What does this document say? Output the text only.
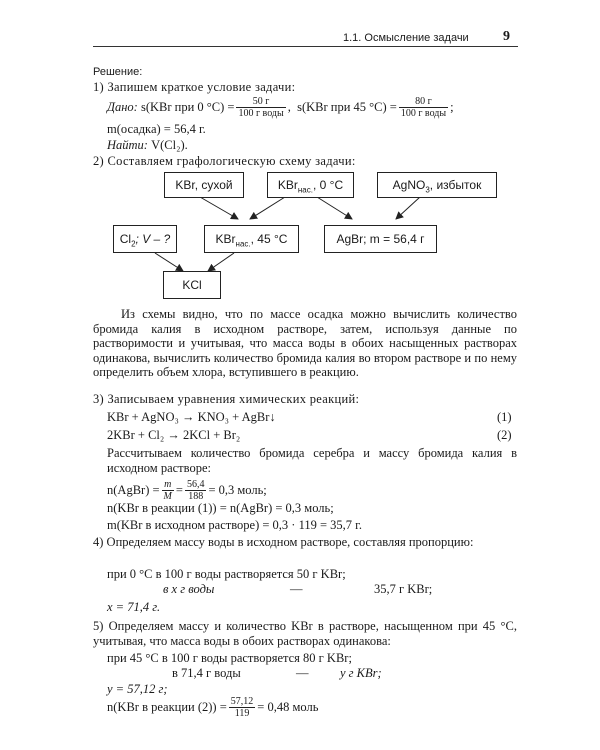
1.1. Осмысление задачи 9
Решение:
1) Запишем краткое условие задачи:
Дано:
s(KBr при 0 $^\circ C) = \frac{50 г}{\text{100 г воды}}$ ,
s(KBr при 45 $^\circ C) = \frac{80 г}{\text{100 г воды}}$ ;
m(осадка) = 56,4 г.
Найти: V(Cl₂).
2) Составляем графологическую схему задачи:
KBr, сухой	KBr$_{нас.}$, 0 °C	AgNO$_3$, избыток
$Cl_2$; V – ?	KBr$_{нас.}$, 45 °C	AgBr; m = 56,4 г
KCl
Из схемы видно, что по массе осадка можно вычислить количество бромида калия в исходном растворе, затем, используя данные по растворимости и учитывая, что масса воды в обоих насыщенных растворах одинакова, вычислить количество бромида калия во втором растворе и по нему определить объем хлора, вступившего в реакцию.
3) Записываем уравнения химических реакций:
KBr + AgNO₃ → KNO₃ + AgBr↓	(1)
2KBr + Cl₂ → 2KCl + Br₂	(2)
Рассчитываем количество бромида серебра и массу бромида калия в исходном растворе:
n(AgBr) = $\frac{m}{M} = \frac{56,4}{188} = 0,3$ моль;
n(KBr в реакции (1)) = n(AgBr) = 0,3 моль;
m(KBr в исходном растворе) = 0,3 · 119 = 35,7 г.
4) Определяем массу воды в исходном растворе, составляя пропорцию:
при 0 °C в 100 г воды растворяется 50 г KBr;
в x г воды	—	35,7 г KBr;
x = 71,4 г.
5) Определяем массу и количество KBr в растворе, насыщенном при 45 °C, учитывая, что масса воды в обоих растворах одинакова:
при 45 °C в 100 г воды растворяется 80 г KBr;
в 71,4 г воды	—	y г KBr;
y = 57,12 г;
n(KBr в реакции $(2)) = \frac{57,12}{119} = 0,48$ моль
